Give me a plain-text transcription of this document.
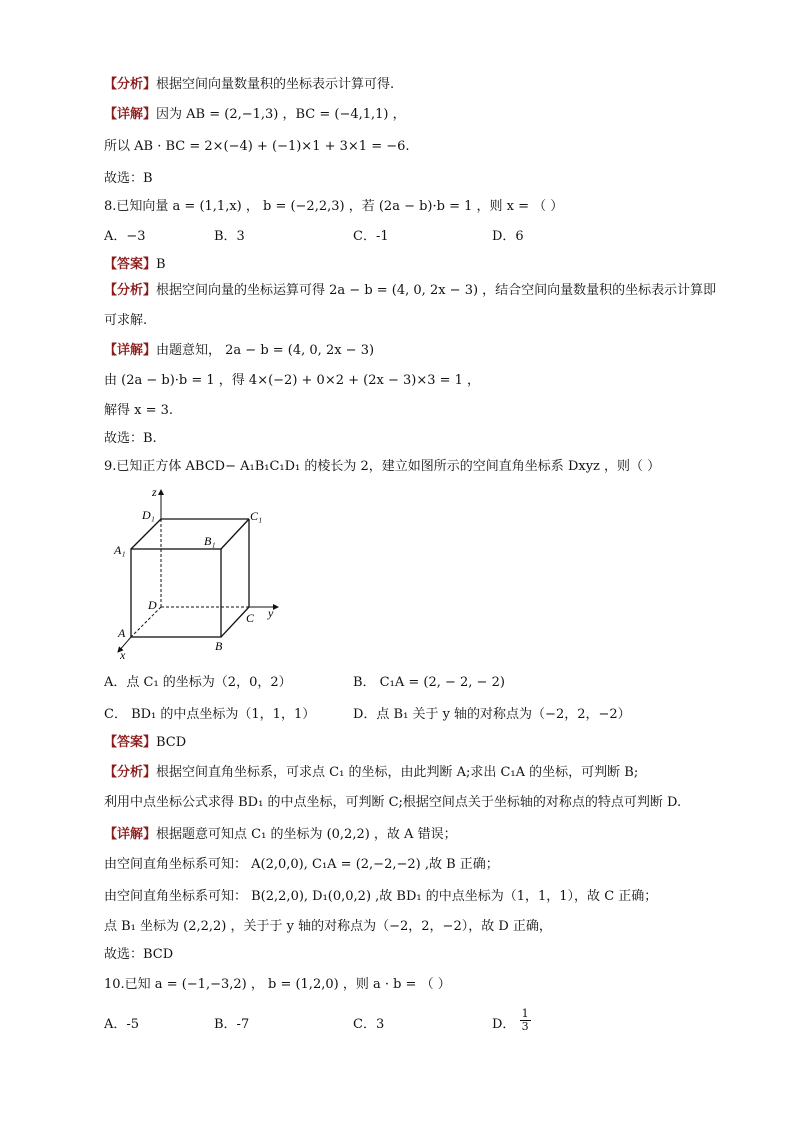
【分析】根据空间向量数量积的坐标表示计算可得.
【详解】因为 AB = (2,−1,3) ，BC = (−4,1,1) ，
所以 AB · BC = 2×(−4) + (−1)×1 + 3×1 = −6.
故选：B
8.已知向量 a = (1,1,x) ， b = (−2,2,3) ，若 (2a − b)·b = 1 ，则 x = （ ）
A．−3	B．3	C．-1	D．6
【答案】B
【分析】根据空间向量的坐标运算可得 2a − b = (4, 0, 2x − 3) ，结合空间向量数量积的坐标表示计算即可求解.
【详解】由题意知， 2a − b = (4, 0, 2x − 3)
由 (2a − b)·b = 1 ，得 4×(−2) + 0×2 + (2x − 3)×3 = 1 ，
解得 x = 3.
故选：B.
9.已知正方体 ABCD− A₁B₁C₁D₁ 的棱长为 2，建立如图所示的空间直角坐标系 Dxyz ，则（ ）
z
y
x
D₁	C₁
A₁
B₁
D
C
A
B
A．点 C₁ 的坐标为（2，0，2）	B． C₁A = (2, − 2, − 2)
C． BD₁ 的中点坐标为（1，1，1）	D．点 B₁ 关于 y 轴的对称点为（−2，2，−2）
【答案】BCD
【分析】根据空间直角坐标系，可求点 C₁ 的坐标，由此判断 A;求出 C₁A 的坐标，可判断 B;
利用中点坐标公式求得 BD₁ 的中点坐标，可判断 C;根据空间点关于坐标轴的对称点的特点可判断 D.
【详解】根据题意可知点 C₁ 的坐标为 (0,2,2) ，故 A 错误；
由空间直角坐标系可知： A(2,0,0), C₁A = (2,−2,−2) ,故 B 正确；
由空间直角坐标系可知： B(2,2,0), D₁(0,0,2) ,故 BD₁ 的中点坐标为（1，1，1），故 C 正确；
点 B₁ 坐标为 (2,2,2) ，关于于 y 轴的对称点为（−2，2，−2），故 D 正确，
故选：BCD
10.已知 a = (−1,−3,2) ， b = (1,2,0) ，则 a · b = （ ）
A．-5	B．-7	C．3	D． $\frac{1}{3}$
